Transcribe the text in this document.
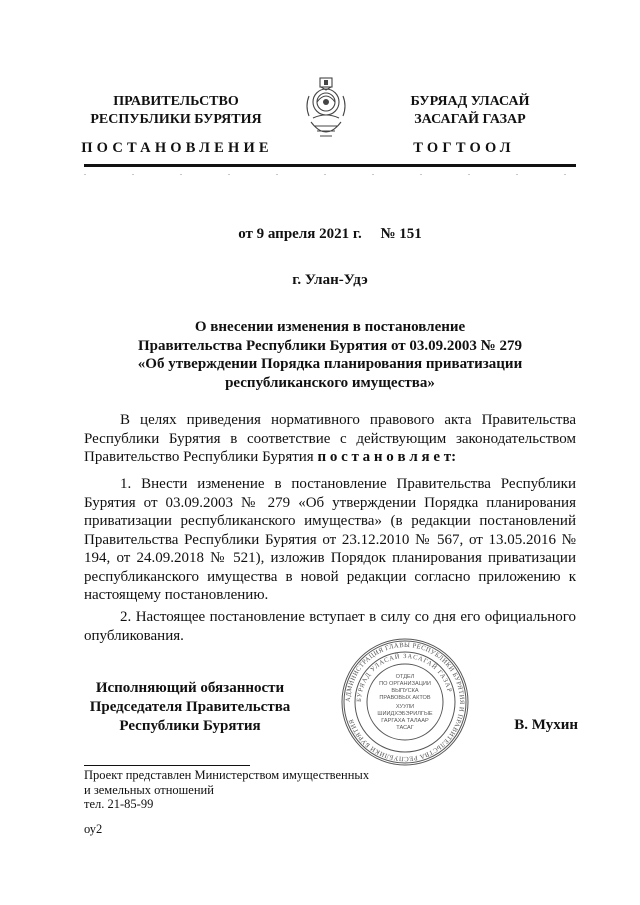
ПРАВИТЕЛЬСТВО
РЕСПУБЛИКИ БУРЯТИЯ
БУРЯАД УЛАСАЙ
ЗАСАГАЙ ГАЗАР
ПОСТАНОВЛЕНИЕ	ТОГТООЛ
от 9 апреля 2021 г.     № 151
г. Улан-Удэ
О внесении изменения в постановление
Правительства Республики Бурятия от 03.09.2003 № 279
«Об утверждении Порядка планирования приватизации
республиканского имущества»
В целях приведения нормативного правового акта Правительства Республики Бурятия в соответствие с действующим законодательством Правительство Республики Бурятия п о с т а н о в л я е т:
1. Внести изменение в постановление Правительства Республики Бурятия от 03.09.2003 № 279 «Об утверждении Порядка планирования приватизации республиканского имущества» (в редакции постановлений Правительства Республики Бурятия от 23.12.2010 № 567, от 13.05.2016 № 194, от 24.09.2018 № 521), изложив Порядок планирования приватизации республиканского имущества в новой редакции согласно приложению к настоящему постановлению.
2. Настоящее постановление вступает в силу со дня его официального опубликования.
Исполняющий обязанности
Председателя Правительства
Республики Бурятия	В. Мухин
АДМИНИСТРАЦИЯ ГЛАВЫ РЕСПУБЛИКИ БУРЯТИЯ И ПРАВИТЕЛЬСТВА РЕСПУБЛИКИ БУРЯТИЯ
БУРЯАД УЛАСАЙ ЗАСАГАЙ ГАЗАР
ОТДЕЛ
ПО ОРГАНИЗАЦИИ
ВЫПУСКА
ПРАВОВЫХ АКТОВ
ХУУЛИ
ШИИДХЭБЭРИЛГЫЕ
ГАРГАХА ТАЛААР
ТАСАГ
Проект представлен Министерством имущественных
и земельных отношений
тел. 21-85-99
оу2
